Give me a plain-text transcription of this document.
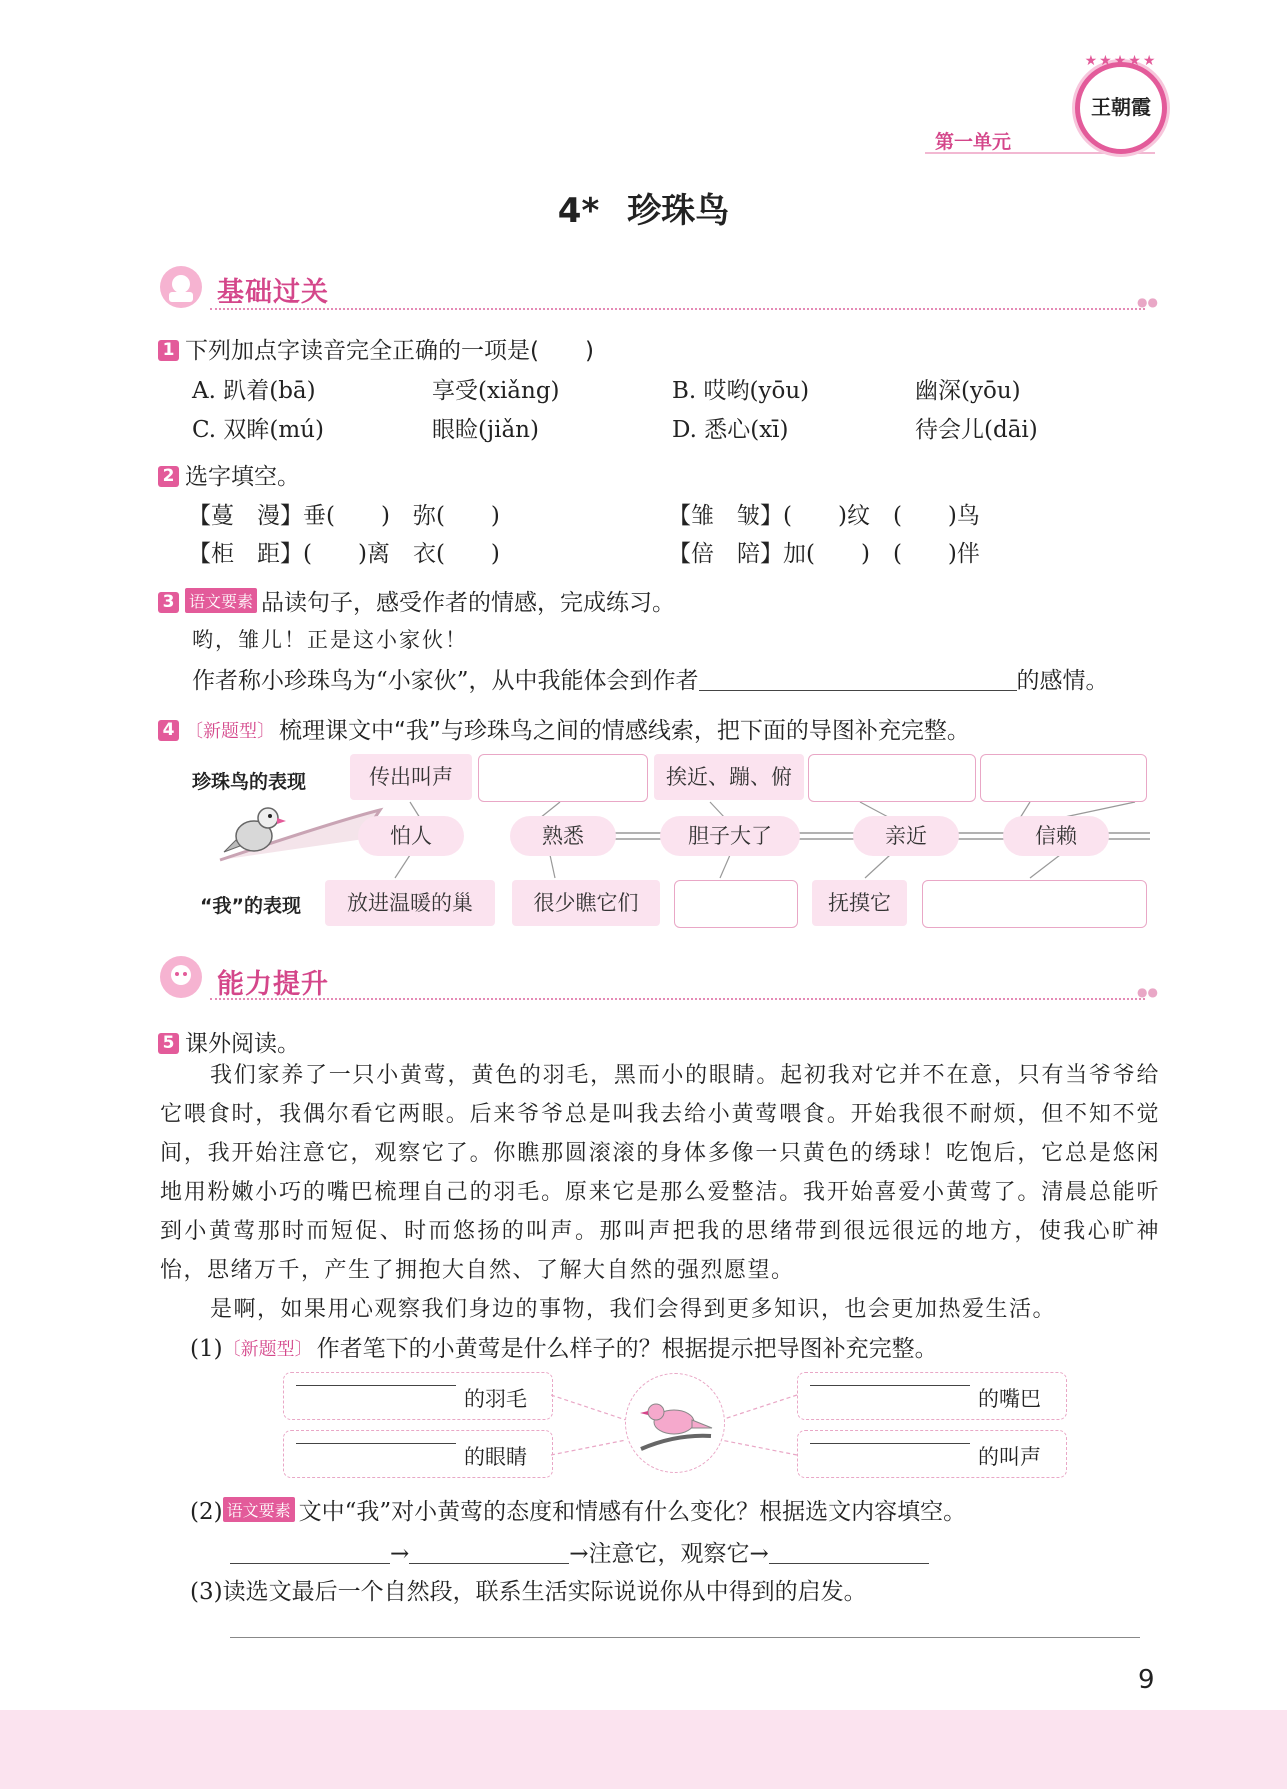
第一单元
★★★★★
王朝霞
4* 珍珠鸟
基础过关	●●
1 下列加点字读音完全正确的一项是(　　)
A. 趴着(bā)	享受(xiǎng)	B. 哎哟(yōu)	幽深(yōu)
C. 双眸(mú)	眼睑(jiǎn)	D. 悉心(xī)	待会儿(dāi)
2 选字填空。
【蔓　漫】垂(　　)　弥(　　)	【雏　皱】(　　)纹　(　　)鸟
【柜　距】(　　)离　衣(　　)	【倍　陪】加(　　)　(　　)伴
3 语文要素 品读句子，感受作者的情感，完成练习。
哟，雏儿！正是这小家伙！
作者称小珍珠鸟为“小家伙”，从中我能体会到作者	的感情。
4 〔新题型〕 梳理课文中“我”与珍珠鸟之间的情感线索，把下面的导图补充完整。
珍珠鸟的表现
“我”的表现
传出叫声	挨近、蹦、俯
怕人	熟悉	胆子大了	亲近	信赖
放进温暖的巢	很少瞧它们	抚摸它
能力提升	●●
5 课外阅读。
我们家养了一只小黄莺，黄色的羽毛，黑而小的眼睛。起初我对它并不在意，只有当爷爷给它喂食时，我偶尔看它两眼。后来爷爷总是叫我去给小黄莺喂食。开始我很不耐烦，但不知不觉间，我开始注意它，观察它了。你瞧那圆滚滚的身体多像一只黄色的绣球！吃饱后，它总是悠闲地用粉嫩小巧的嘴巴梳理自己的羽毛。原来它是那么爱整洁。我开始喜爱小黄莺了。清晨总能听到小黄莺那时而短促、时而悠扬的叫声。那叫声把我的思绪带到很远很远的地方，使我心旷神怡，思绪万千，产生了拥抱大自然、了解大自然的强烈愿望。
是啊，如果用心观察我们身边的事物，我们会得到更多知识，也会更加热爱生活。
(1)〔新题型〕 作者笔下的小黄莺是什么样子的？根据提示把导图补充完整。
的羽毛
的眼睛
的嘴巴
的叫声
(2) 语文要素 文中“我”对小黄莺的态度和情感有什么变化？根据选文内容填空。
→	→注意它，观察它→
(3)读选文最后一个自然段，联系生活实际说说你从中得到的启发。
9
